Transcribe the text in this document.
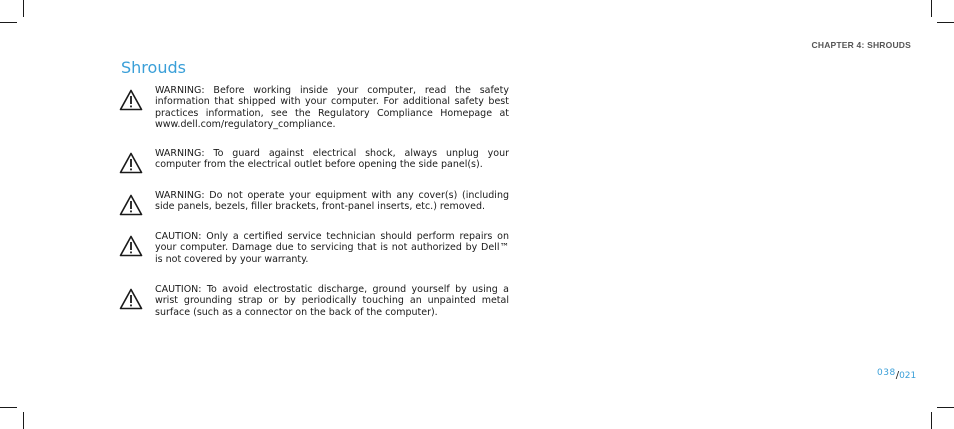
CHAPTER 4: SHROUDS
Shrouds
WARNING: Before working inside your computer, read the safety information that shipped with your computer. For additional safety best practices information, see the Regulatory Compliance Homepage at www.dell.com/regulatory_compliance.
WARNING: To guard against electrical shock, always unplug your computer from the electrical outlet before opening the side panel(s).
WARNING: Do not operate your equipment with any cover(s) (including side panels, bezels, filler brackets, front-panel inserts, etc.) removed.
CAUTION: Only a certified service technician should perform repairs on your computer. Damage due to servicing that is not authorized by Dell™ is not covered by your warranty.
CAUTION: To avoid electrostatic discharge, ground yourself by using a wrist grounding strap or by periodically touching an unpainted metal surface (such as a connector on the back of the computer).
038/021
